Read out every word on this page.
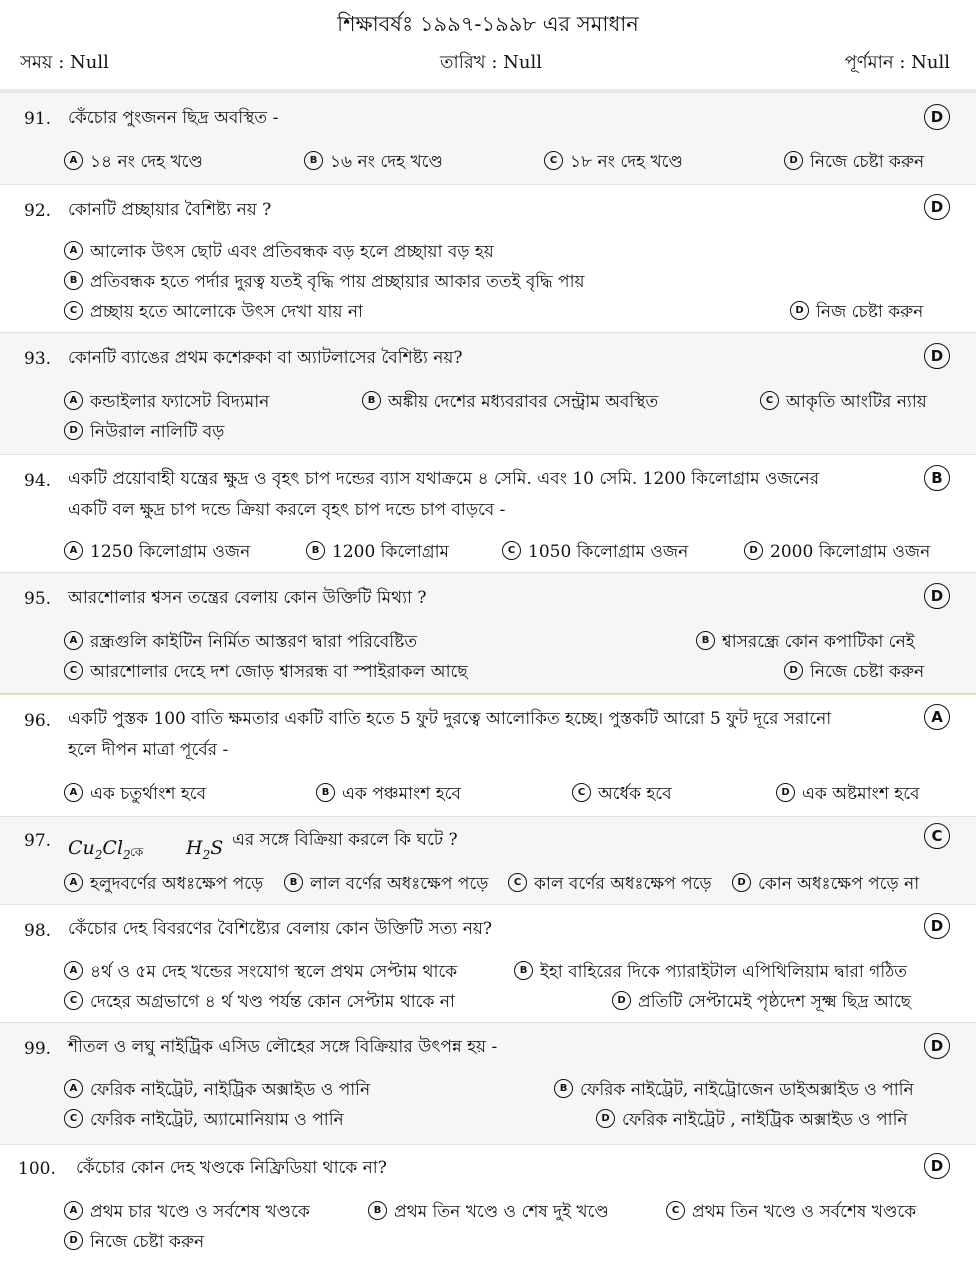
শিক্ষাবর্ষঃ ১৯৯৭-১৯৯৮ এর সমাধান
সময় : Null	তারিখ : Null	পূর্ণমান : Null
91. কেঁচোর পুংজনন ছিদ্র অবস্থিত -	D
A ১৪ নং দেহ খণ্ডে	B ১৬ নং দেহ খণ্ডে	C ১৮ নং দেহ খণ্ডে	D নিজে চেষ্টা করুন
92. কোনটি প্রচ্ছায়ার বৈশিষ্ট্য নয় ?	D
A আলোক উৎস ছোট এবং প্রতিবন্ধক বড় হলে প্রচ্ছায়া বড় হয়
B প্রতিবন্ধক হতে পর্দার দুরত্ব যতই বৃদ্ধি পায় প্রচ্ছায়ার আকার ততই বৃদ্ধি পায়
C প্রচ্ছায় হতে আলোকে উৎস দেখা যায় না	D নিজ চেষ্টা করুন
93. কোনটি ব্যাঙের প্রথম কশেরুকা বা অ্যাটলাসের বৈশিষ্ট্য নয়?	D
A কন্ডাইলার ফ্যাসেট বিদ্যমান	B অঙ্কীয় দেশের মধ্যবরাবর সেন্ট্রাম অবস্থিত	C আকৃতি আংটির ন্যায়
D নিউরাল নালিটি বড়
94. একটি প্রয়োবাহী যন্ত্রের ক্ষুদ্র ও বৃহৎ চাপ দন্ডের ব্যাস যথাক্রমে ৪ সেমি. এবং 10 সেমি. 1200 কিলোগ্রাম ওজনের
একটি বল ক্ষুদ্র চাপ দন্ডে ক্রিয়া করলে বৃহৎ চাপ দন্ডে চাপ বাড়বে -
B
A 1250 কিলোগ্রাম ওজন	B 1200 কিলোগ্রাম	C 1050 কিলোগ্রাম ওজন	D 2000 কিলোগ্রাম ওজন
95. আরশোলার শ্বসন তন্ত্রের বেলায় কোন উক্তিটি মিথ্যা ?	D
A রন্ধ্রগুলি কাইটিন নির্মিত আস্তরণ দ্বারা পরিবেষ্টিত	B শ্বাসরন্ধ্রে কোন কপাটিকা নেই
C আরশোলার দেহে দশ জোড় শ্বাসরন্ধ বা স্পাইরাকল আছে	D নিজে চেষ্টা করুন
96. একটি পুস্তক 100 বাতি ক্ষমতার একটি বাতি হতে 5 ফুট দুরত্বে আলোকিত হচ্ছে। পুস্তকটি আরো 5 ফুট দূরে সরানো
হলে দীপন মাত্রা পূর্বের -
A
A এক চতুর্থাংশ হবে	B এক পঞ্চমাংশ হবে	C অর্ধেক হবে	D এক অষ্টমাংশ হবে
97. $Cu_2Cl_2$ $_{কে}$ $H_2S$ এর সঙ্গে বিক্রিয়া করলে কি ঘটে ?	C
A হলুদবর্ণের অধঃক্ষেপ পড়ে	B লাল বর্ণের অধঃক্ষেপ পড়ে	C কাল বর্ণের অধঃক্ষেপ পড়ে	D কোন অধঃক্ষেপ পড়ে না
98. কেঁচোর দেহ বিবরণের বৈশিষ্ট্যের বেলায় কোন উক্তিটি সত্য নয়?	D
A ৪র্থ ও ৫ম দেহ খন্ডের সংযোগ স্থলে প্রথম সেপ্টাম থাকে	B ইহা বাহিরের দিকে প্যারাইটাল এপিথিলিয়াম দ্বারা গঠিত
C দেহের অগ্রভাগে ৪ র্থ খণ্ড পর্যন্ত কোন সেপ্টাম থাকে না	D প্রতিটি সেপ্টামেই পৃষ্ঠদেশ সূক্ষ্ম ছিদ্র আছে
99. শীতল ও লঘু নাইট্রিক এসিড লৌহের সঙ্গে বিক্রিয়ার উৎপন্ন হয় -	D
A ফেরিক নাইট্রেট, নাইট্রিক অক্সাইড ও পানি	B ফেরিক নাইট্রেট, নাইট্রোজেন ডাইঅক্সাইড ও পানি
C ফেরিক নাইট্রেট, অ্যামোনিয়াম ও পানি	D ফেরিক নাইট্রেট , নাইট্রিক অক্সাইড ও পানি
100. কেঁচোর কোন দেহ খণ্ডকে নিফ্রিডিয়া থাকে না?	D
A প্রথম চার খণ্ডে ও সর্বশেষ খণ্ডকে	B প্রথম তিন খণ্ডে ও শেষ দুই খণ্ডে	C প্রথম তিন খণ্ডে ও সর্বশেষ খণ্ডকে
D নিজে চেষ্টা করুন
